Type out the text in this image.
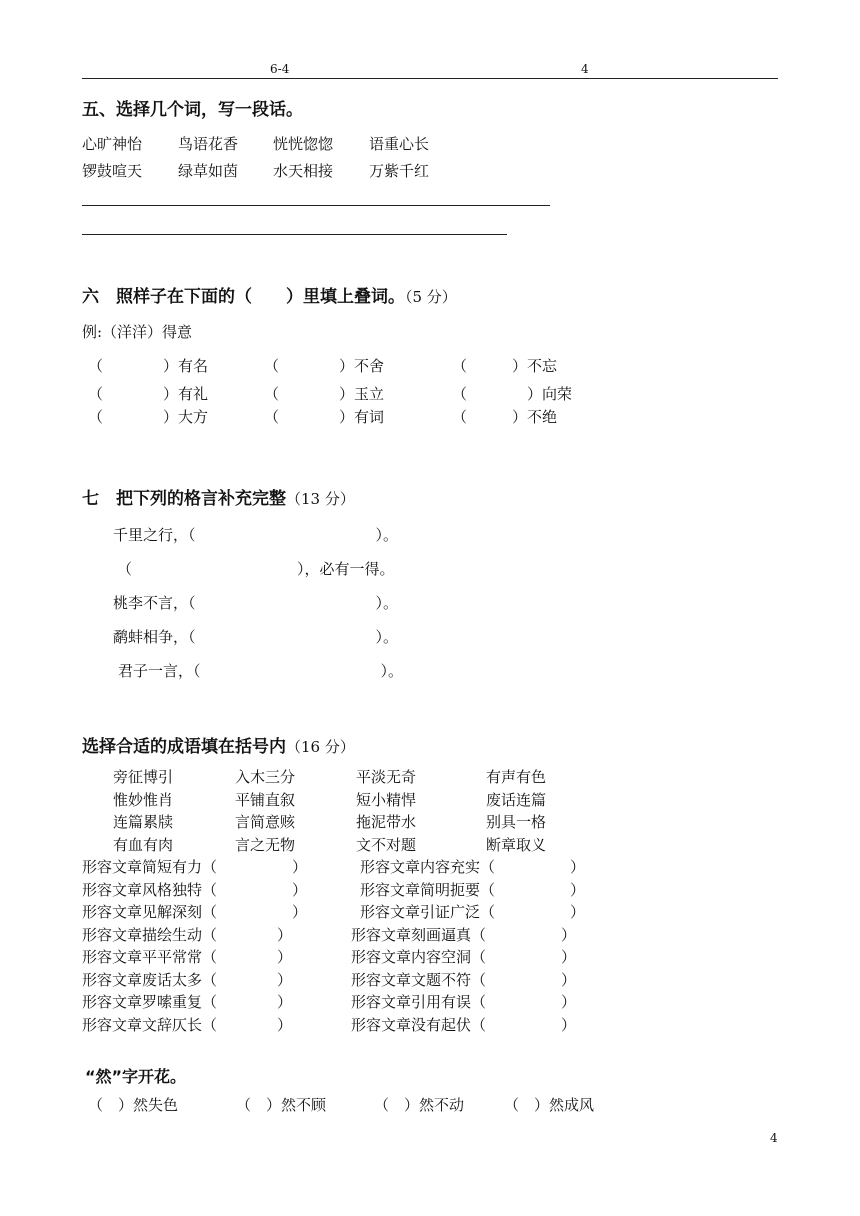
6-4	4
五、选择几个词，写一段话。
心旷神怡 鸟语花香 恍恍惚惚 语重心长
锣鼓喧天 绿草如茵 水天相接 万紫千红
六　照样子在下面的（　　）里填上叠词。（5 分）
例:（洋洋）得意
（　　　　）有名	（　　　　）不舍	（　　　）不忘
（　　　　）有礼	（　　　　）玉立	（　　　　）向荣
（　　　　）大方	（　　　　）有词	（　　　）不绝
七　把下列的格言补充完整（13 分）
千里之行，（　　　　　　　　　　　　）。
（　　　　　　　　　　　），必有一得。
桃李不言，（　　　　　　　　　　　　）。
鹬蚌相争，（　　　　　　　　　　　　）。
君子一言，（　　　　　　　　　　　　）。
选择合适的成语填在括号内（16 分）
旁征博引	入木三分	平淡无奇	有声有色
惟妙惟肖	平铺直叙	短小精悍	废话连篇
连篇累牍	言简意赅	拖泥带水	别具一格
有血有肉	言之无物	文不对题	断章取义
形容文章简短有力（　　　　　）	形容文章内容充实（　　　　　）
形容文章风格独特（　　　　　）	形容文章简明扼要（　　　　　）
形容文章见解深刻（　　　　　）	形容文章引证广泛（　　　　　）
形容文章描绘生动（　　　　）	形容文章刻画逼真（　　　　　）
形容文章平平常常（　　　　）	形容文章内容空洞（　　　　　）
形容文章废话太多（　　　　）	形容文章文题不符（　　　　　）
形容文章罗嗦重复（　　　　）	形容文章引用有误（　　　　　）
形容文章文辞仄长（　　　　）	形容文章没有起伏（　　　　　）
“然”字开花。
（　）然失色	（　）然不顾	（　）然不动	（　）然成风
4
